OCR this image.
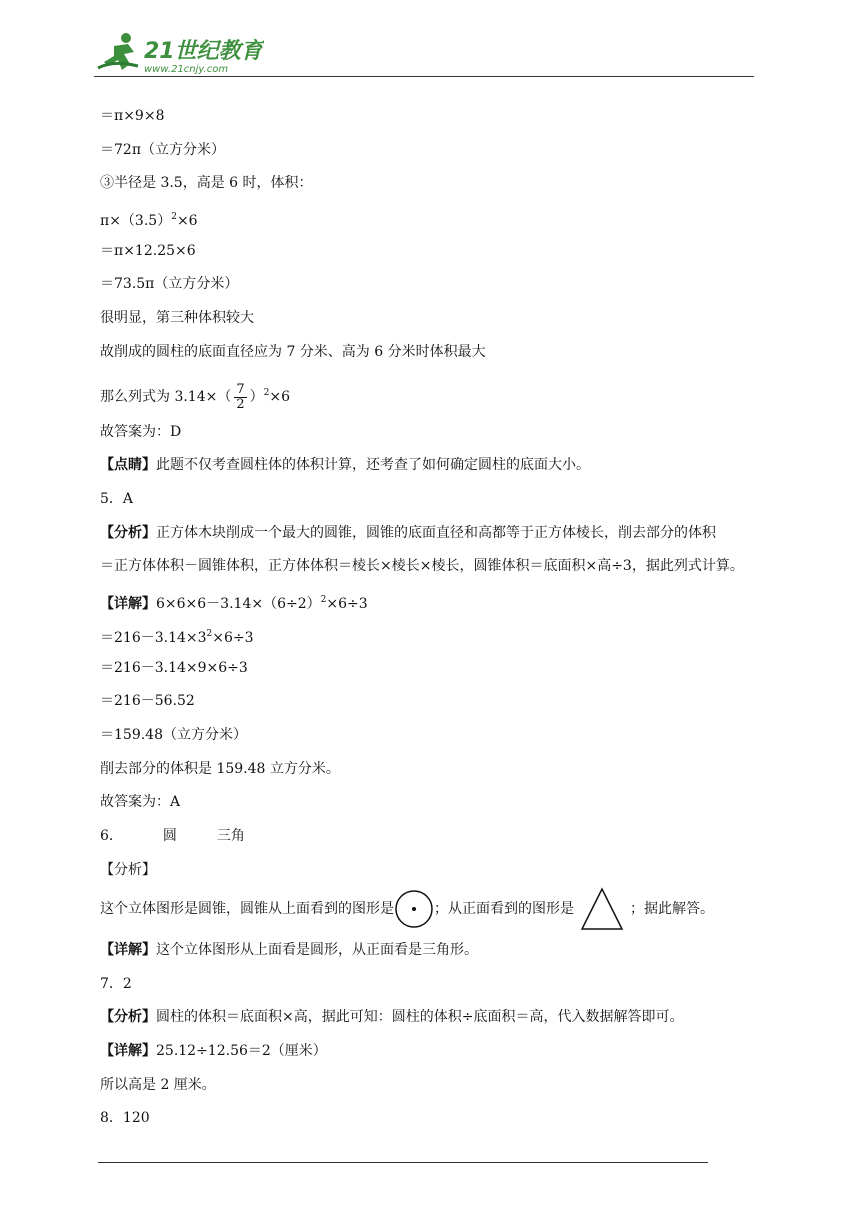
21世纪教育
www.21cnjy.com
＝π×9×8
＝72π（立方分米）
③半径是 3.5，高是 6 时，体积：
$\pi\times(3.5)^2\times 6$
＝π×12.25×6
＝73.5π（立方分米）
很明显，第三种体积较大
故削成的圆柱的底面直径应为 7 分米、高为 6 分米时体积最大
那么列式为 $3.14\times( \frac{7}{2} )^2\times 6$
故答案为：D
【点睛】此题不仅考查圆柱体的体积计算，还考查了如何确定圆柱的底面大小。
5．A
【分析】正方体木块削成一个最大的圆锥，圆锥的底面直径和高都等于正方体棱长，削去部分的体积
＝正方体体积－圆锥体积，正方体体积＝棱长×棱长×棱长，圆锥体积＝底面积×高÷3，据此列式计算。
【详解】$6\times 6\times 6-3.14\times(6\div 2)^2\times 6\div 3$
$=216-3.14\times 3^2\times 6\div 3$
＝216－3.14×9×6÷3
＝216－56.52
＝159.48（立方分米）
削去部分的体积是 159.48 立方分米。
故答案为：A
6．	圆	三角
【分析】
这个立体图形是圆锥，圆锥从上面看到的图形是	；从正面看到的图形是	；据此解答。
【详解】这个立体图形从上面看是圆形，从正面看是三角形。
7．2
【分析】圆柱的体积＝底面积×高，据此可知：圆柱的体积÷底面积＝高，代入数据解答即可。
【详解】25.12÷12.56＝2（厘米）
所以高是 2 厘米。
8．120
